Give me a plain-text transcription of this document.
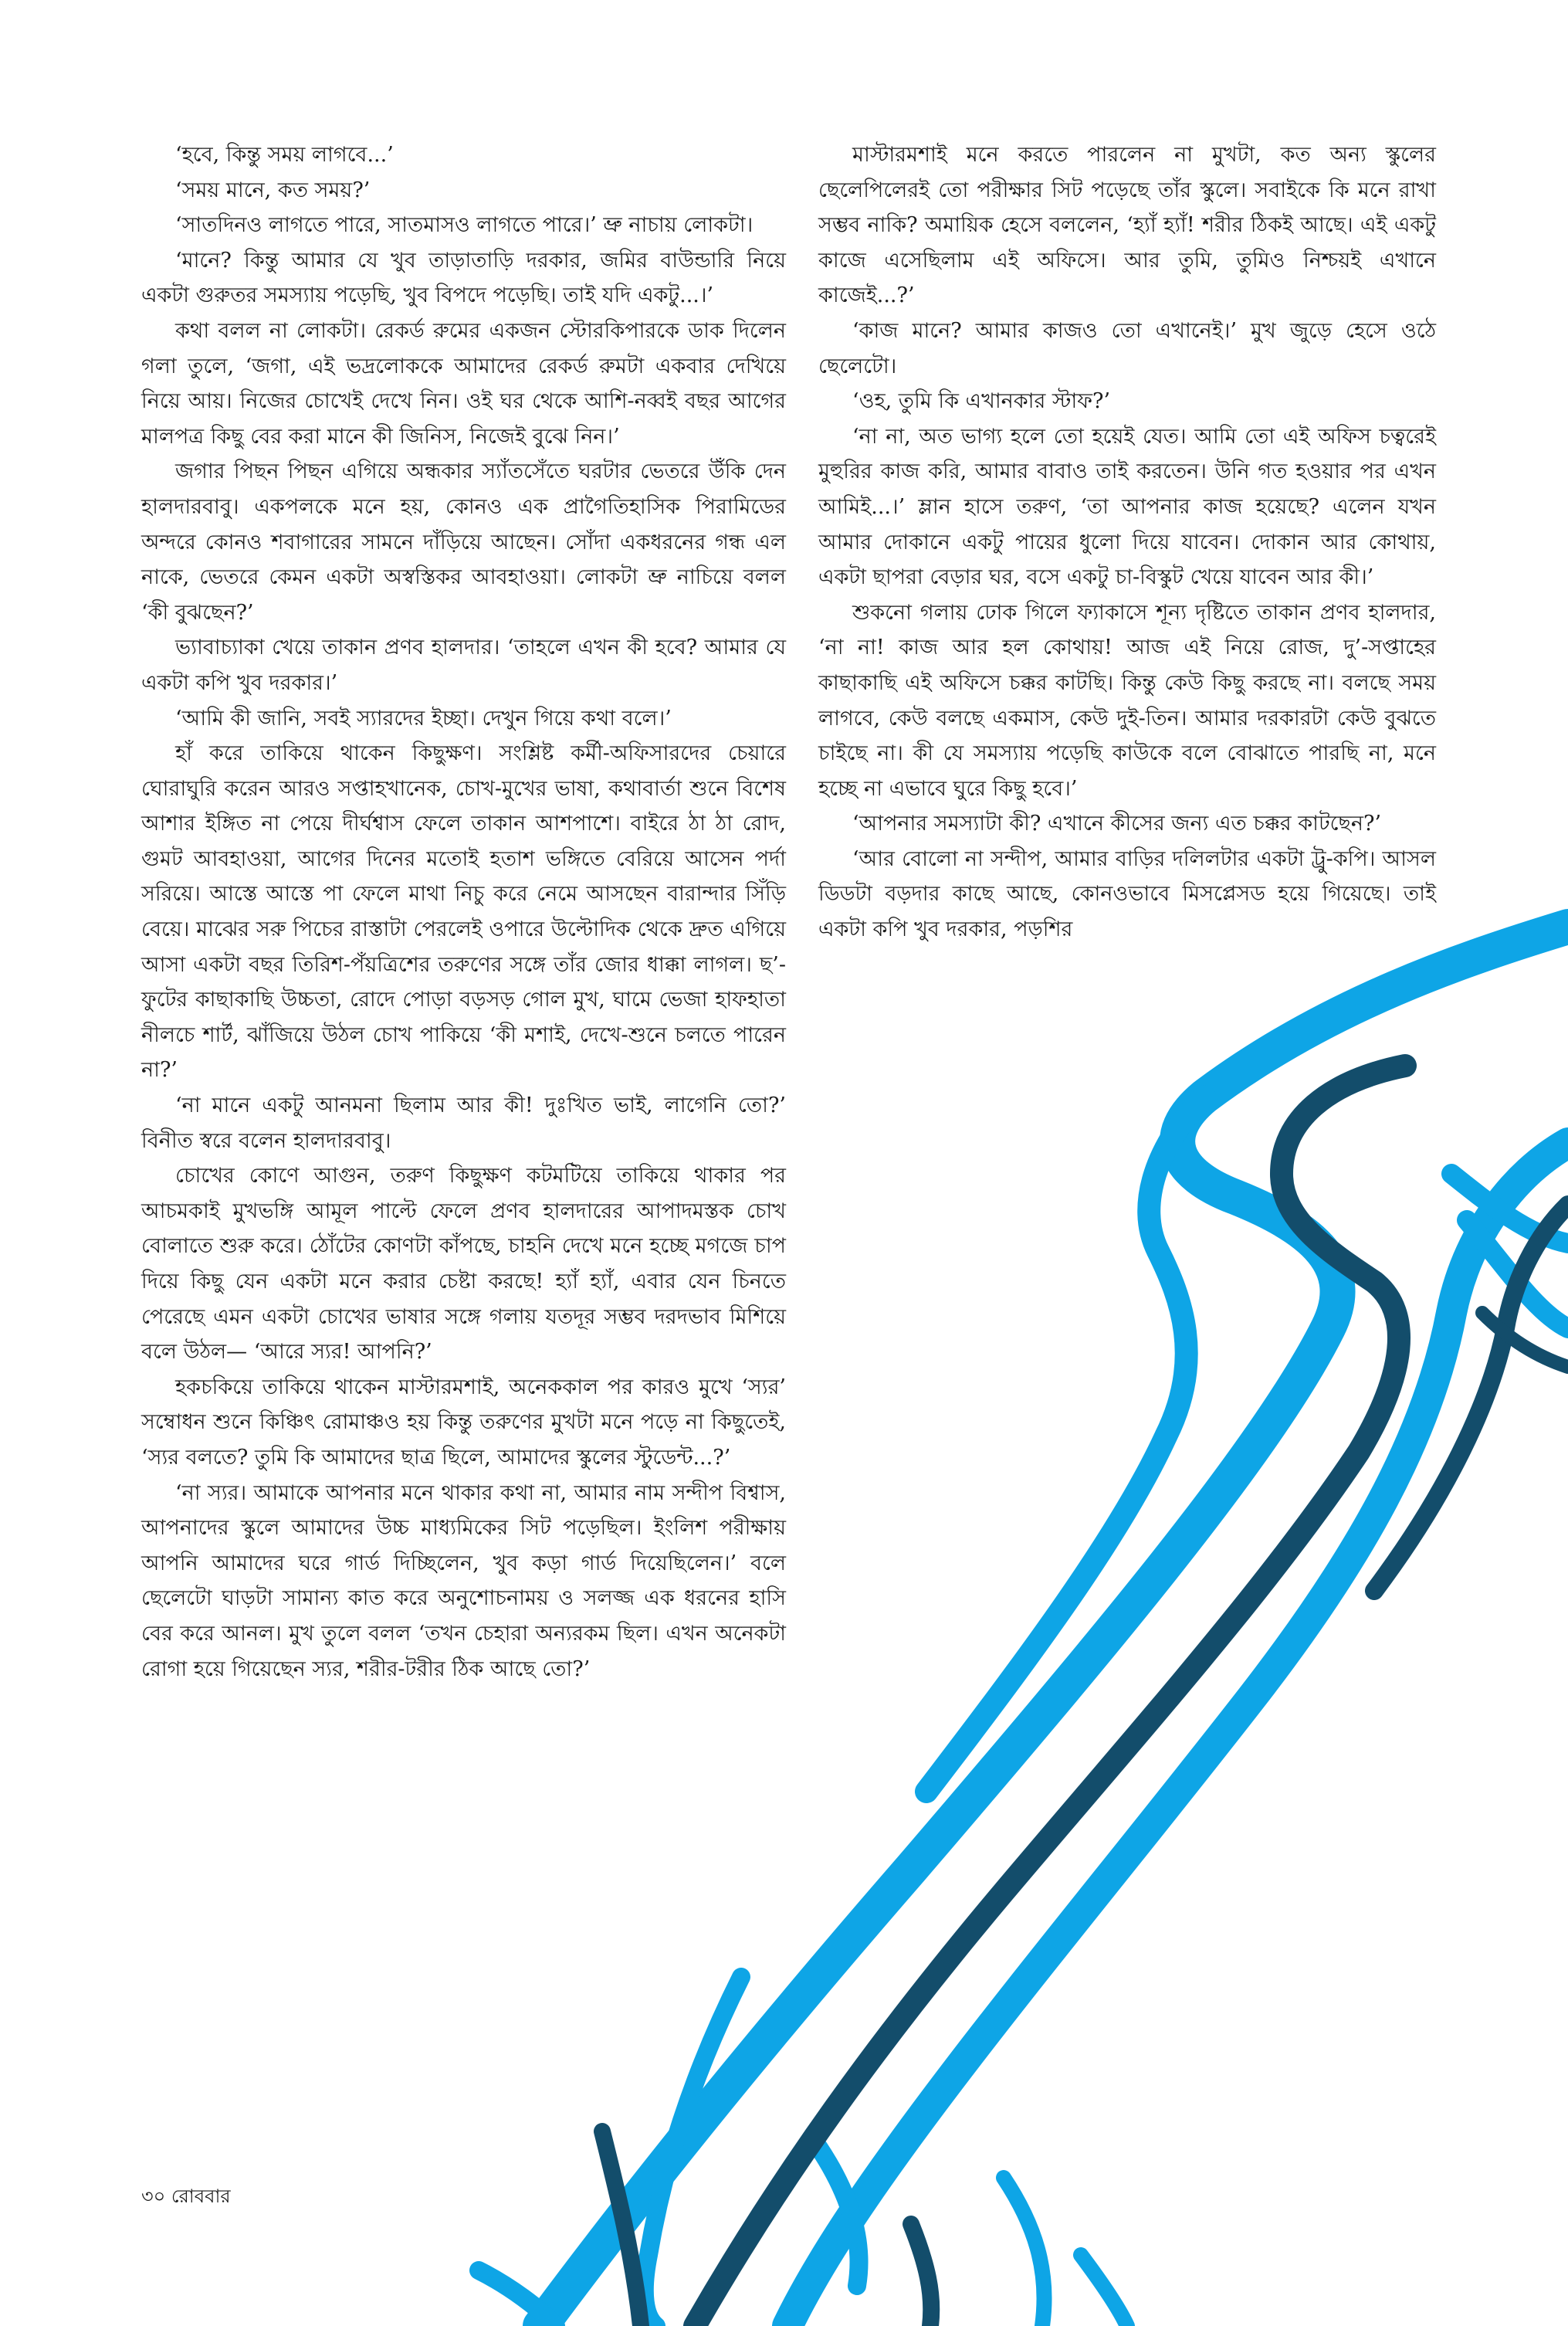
‘হবে, কিন্তু সময় লাগবে...’

‘সময় মানে, কত সময়?’

‘সাতদিনও লাগতে পারে, সাতমাসও লাগতে পারে।’ ভ্রু নাচায় লোকটা।

‘মানে? কিন্তু আমার যে খুব তাড়াতাড়ি দরকার, জমির বাউন্ডারি নিয়ে একটা গুরুতর সমস্যায় পড়েছি, খুব বিপদে পড়েছি। তাই যদি একটু...।’

কথা বলল না লোকটা। রেকর্ড রুমের একজন স্টোরকিপারকে ডাক দিলেন গলা তুলে, ‘জগা, এই ভদ্রলোককে আমাদের রেকর্ড রুমটা একবার দেখিয়ে নিয়ে আয়। নিজের চোখেই দেখে নিন। ওই ঘর থেকে আশি-নব্বই বছর আগের মালপত্র কিছু বের করা মানে কী জিনিস, নিজেই বুঝে নিন।’

জগার পিছন পিছন এগিয়ে অন্ধকার স্যাঁতসেঁতে ঘরটার ভেতরে উঁকি দেন হালদারবাবু। একপলকে মনে হয়, কোনও এক প্রাগৈতিহাসিক পিরামিডের অন্দরে কোনও শবাগারের সামনে দাঁড়িয়ে আছেন। সোঁদা একধরনের গন্ধ এল নাকে, ভেতরে কেমন একটা অস্বস্তিকর আবহাওয়া। লোকটা ভ্রু নাচিয়ে বলল ‘কী বুঝছেন?’

ভ্যাবাচ্যাকা খেয়ে তাকান প্রণব হালদার। ‘তাহলে এখন কী হবে? আমার যে একটা কপি খুব দরকার।’

‘আমি কী জানি, সবই স্যারদের ইচ্ছা। দেখুন গিয়ে কথা বলে।’

হাঁ করে তাকিয়ে থাকেন কিছুক্ষণ। সংশ্লিষ্ট কর্মী-অফিসারদের চেয়ারে ঘোরাঘুরি করেন আরও সপ্তাহখানেক, চোখ-মুখের ভাষা, কথাবার্তা শুনে বিশেষ আশার ইঙ্গিত না পেয়ে দীর্ঘশ্বাস ফেলে তাকান আশপাশে। বাইরে ঠা ঠা রোদ, গুমট আবহাওয়া, আগের দিনের মতোই হতাশ ভঙ্গিতে বেরিয়ে আসেন পর্দা সরিয়ে। আস্তে আস্তে পা ফেলে মাথা নিচু করে নেমে আসছেন বারান্দার সিঁড়ি বেয়ে। মাঝের সরু পিচের রাস্তাটা পেরলেই ওপারে উল্টোদিক থেকে দ্রুত এগিয়ে আসা একটা বছর তিরিশ-পঁয়ত্রিশের তরুণের সঙ্গে তাঁর জোর ধাক্কা লাগল। ছ’-ফুটের কাছাকাছি উচ্চতা, রোদে পোড়া বড়সড় গোল মুখ, ঘামে ভেজা হাফহাতা নীলচে শার্ট, ঝাঁজিয়ে উঠল চোখ পাকিয়ে ‘কী মশাই, দেখে-শুনে চলতে পারেন না?’

‘না মানে একটু আনমনা ছিলাম আর কী! দুঃখিত ভাই, লাগেনি তো?’ বিনীত স্বরে বলেন হালদারবাবু।

চোখের কোণে আগুন, তরুণ কিছুক্ষণ কটমটিয়ে তাকিয়ে থাকার পর আচমকাই মুখভঙ্গি আমূল পাল্টে ফেলে প্রণব হালদারের আপাদমস্তক চোখ বোলাতে শুরু করে। ঠোঁটের কোণটা কাঁপছে, চাহনি দেখে মনে হচ্ছে মগজে চাপ দিয়ে কিছু যেন একটা মনে করার চেষ্টা করছে! হ্যাঁ হ্যাঁ, এবার যেন চিনতে পেরেছে এমন একটা চোখের ভাষার সঙ্গে গলায় যতদূর সম্ভব দরদভাব মিশিয়ে বলে উঠল— ‘আরে স্যর! আপনি?’

হকচকিয়ে তাকিয়ে থাকেন মাস্টারমশাই, অনেককাল পর কারও মুখে ‘স্যর’ সম্বোধন শুনে কিঞ্চিৎ রোমাঞ্চও হয় কিন্তু তরুণের মুখটা মনে পড়ে না কিছুতেই, ‘স্যর বলতে? তুমি কি আমাদের ছাত্র ছিলে, আমাদের স্কুলের স্টুডেন্ট...?’

‘না স্যর। আমাকে আপনার মনে থাকার কথা না, আমার নাম সন্দীপ বিশ্বাস, আপনাদের স্কুলে আমাদের উচ্চ মাধ্যমিকের সিট পড়েছিল। ইংলিশ পরীক্ষায় আপনি আমাদের ঘরে গার্ড দিচ্ছিলেন, খুব কড়া গার্ড দিয়েছিলেন।’ বলে ছেলেটো ঘাড়টা সামান্য কাত করে অনুশোচনাময় ও সলজ্জ এক ধরনের হাসি বের করে আনল। মুখ তুলে বলল ‘তখন চেহারা অন্যরকম ছিল। এখন অনেকটা রোগা হয়ে গিয়েছেন স্যর, শরীর-টরীর ঠিক আছে তো?’

মাস্টারমশাই মনে করতে পারলেন না মুখটা, কত অন্য স্কুলের ছেলেপিলেরই তো পরীক্ষার সিট পড়েছে তাঁর স্কুলে। সবাইকে কি মনে রাখা সম্ভব নাকি? অমায়িক হেসে বললেন, ‘হ্যাঁ হ্যাঁ! শরীর ঠিকই আছে। এই একটু কাজে এসেছিলাম এই অফিসে। আর তুমি, তুমিও নিশ্চয়ই এখানে কাজেই...?’

‘কাজ মানে? আমার কাজও তো এখানেই।’ মুখ জুড়ে হেসে ওঠে ছেলেটো।

‘ওহ, তুমি কি এখানকার স্টাফ?’

‘না না, অত ভাগ্য হলে তো হয়েই যেত। আমি তো এই অফিস চত্বরেই মুহুরির কাজ করি, আমার বাবাও তাই করতেন। উনি গত হওয়ার পর এখন আমিই...।’ ম্লান হাসে তরুণ, ‘তা আপনার কাজ হয়েছে? এলেন যখন আমার দোকানে একটু পায়ের ধুলো দিয়ে যাবেন। দোকান আর কোথায়, একটা ছাপরা বেড়ার ঘর, বসে একটু চা-বিস্কুট খেয়ে যাবেন আর কী।’

শুকনো গলায় ঢোক গিলে ফ্যাকাসে শূন্য দৃষ্টিতে তাকান প্রণব হালদার, ‘না না! কাজ আর হল কোথায়! আজ এই নিয়ে রোজ, দু’-সপ্তাহের কাছাকাছি এই অফিসে চক্কর কাটছি। কিন্তু কেউ কিছু করছে না। বলছে সময় লাগবে, কেউ বলছে একমাস, কেউ দুই-তিন। আমার দরকারটা কেউ বুঝতে চাইছে না। কী যে সমস্যায় পড়েছি কাউকে বলে বোঝাতে পারছি না, মনে হচ্ছে না এভাবে ঘুরে কিছু হবে।’

‘আপনার সমস্যাটা কী? এখানে কীসের জন্য এত চক্কর কাটছেন?’

‘আর বোলো না সন্দীপ, আমার বাড়ির দলিলটার একটা ট্রু-কপি। আসল ডিডটা বড়দার কাছে আছে, কোনওভাবে মিসপ্লেসড হয়ে গিয়েছে। তাই একটা কপি খুব দরকার, পড়শির

৩০ রোববার
